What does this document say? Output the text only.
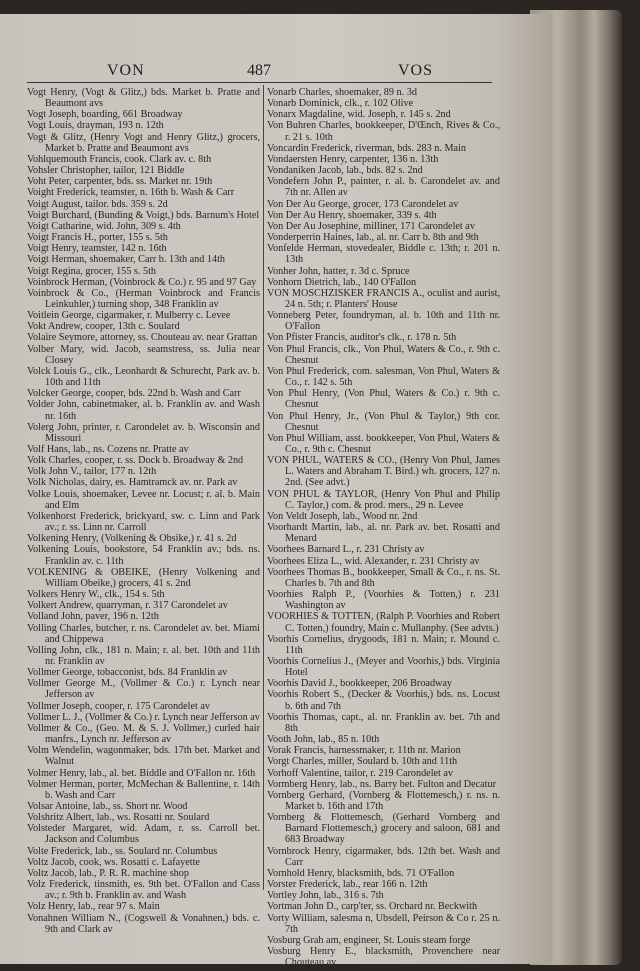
VON	487	VOS

Vogt Henry, (Vogt & Glitz,) bds. Market b. Pratte and Beaumont avs

Vogt Joseph, boarding, 661 Broadway

Vogt Louis, drayman, 193 n. 12th

Vogt & Glitz, (Henry Vogt and Henry Glitz,) grocers, Market b. Pratte and Beaumont avs

Vohlquemouth Francis, cook. Clark av. c. 8th

Vohsler Christopher, tailor, 121 Biddle

Voht Peter, carpenter, bds. ss. Market nr. 19th

Voight Frederick, teamster, n. 16th b. Wash & Carr

Voigt August, tailor. bds. 359 s. 2d

Voigt Burchard, (Bunding & Voigt,) bds. Barnum's Hotel

Voigt Catharine, wid. John, 309 s. 4th

Voigt Francis H., porter, 155 s. 5th

Voigt Henry, teamster, 142 n. 16th

Voigt Herman, shoemaker, Carr b. 13th and 14th

Voigt Regina, grocer, 155 s. 5th

Voinbrock Herman, (Voinbrock & Co.) r. 95 and 97 Gay

Voinbrock & Co., (Herman Voinbrock and Francis Leinkuhler,) turning shop, 348 Franklin av

Voitlein George, cigarmaker, r. Mulberry c. Levee

Vokt Andrew, cooper, 13th c. Soulard

Volaire Seymore, attorney, ss. Chouteau av. near Grattan

Volber Mary, wid. Jacob, seamstress, ss. Julia near Closey

Volck Louis G., clk., Leonhardt & Schurecht, Park av. b. 10th and 11th

Volcker George, cooper, bds. 22nd b. Wash and Carr

Volder John, cabinetmaker, al. b. Franklin av. and Wash nr. 16th

Volerg John, printer, r. Carondelet av. b. Wisconsin and Missouri

Volf Hans, lab., ns. Cozens nr. Pratte av

Volk Charles, cooper, r. ss. Dock b. Broadway & 2nd

Volk John V., tailor, 177 n. 12th

Volk Nicholas, dairy, es. Hamtramck av. nr. Park av

Volke Louis, shoemaker, Levee nr. Locust; r. al. b. Main and Elm

Volkenhorst Frederick, brickyard, sw. c. Linn and Park av.; r. ss. Linn nr. Carroll

Volkening Henry, (Volkening & Obsike,) r. 41 s. 2d

Volkening Louis, bookstore, 54 Franklin av.; bds. ns. Franklin av. c. 11th

VOLKENING & OBEIKE, (Henry Volkening and William Obeike,) grocers, 41 s. 2nd

Volkers Henry W., clk., 154 s. 5th

Volkert Andrew, quarryman, r. 317 Carondelet av

Volland John, paver, 196 n. 12th

Volling Charles, butcher, r. ns. Carondelet av. bet. Miami and Chippewa

Volling John, clk., 181 n. Main; r. al. bet. 10th and 11th nr. Franklin av

Vollmer George, tobacconist, bds. 84 Franklin av

Vollmer George M., (Vollmer & Co.) r. Lynch near Jefferson av

Vollmer Joseph, cooper, r. 175 Carondelet av

Vollmer L. J., (Vollmer & Co.) r. Lynch near Jefferson av

Vollmer & Co., (Geo. M. & S. J. Vollmer,) curled hair manfrs., Lynch nr. Jefferson av

Volm Wendelin, wagonmaker, bds. 17th bet. Market and Walnut

Volmer Henry, lab., al. bet. Biddle and O'Fallon nr. 16th

Volmer Herman, porter, McMechan & Ballentine, r. 14th b. Wash and Carr

Volsar Antoine, lab., ss. Short nr. Wood

Volshritz Albert, lab., ws. Rosatti nr. Soulard

Volsteder Margaret, wid. Adam, r. ss. Carroll bet. Jackson and Columbus

Volte Frederick, lab., ss. Soulard nr. Columbus

Voltz Jacob, cook, ws. Rosatti c. Lafayette

Voltz Jacob, lab., P. R. R. machine shop

Volz Frederick, tinsmith, es. 9th bet. O'Fallon and Cass av.; r. 9th b. Franklin av. and Wash

Volz Henry, lab., rear 97 s. Main

Vonahnen William N., (Cogswell & Vonahnen,) bds. c. 9th and Clark av

Vonarb Charles, shoemaker, 89 n. 3d

Vonarb Dominick, clk., r. 102 Olive

Vonarx Magdaline, wid. Joseph, r. 145 s. 2nd

Von Buhren Charles, bookkeeper, D'Œnch, Rives & Co., r. 21 s. 10th

Voncardin Frederick, riverman, bds. 283 n. Main

Vondaersten Henry, carpenter, 136 n. 13th

Vondaniken Jacob, lab., bds. 82 s. 2nd

Vondefern John P., painter, r. al. b. Carondelet av. and 7th nr. Allen av

Von Der Au George, grocer, 173 Carondelet av

Von Der Au Henry, shoemaker, 339 s. 4th

Von Der Au Josephine, milliner, 171 Carondelet av

Vonderperrin Haines, lab., al. nr. Carr b. 8th and 9th

Vonfelde Herman, stovedealer, Biddle c. 13th; r. 201 n. 13th

Vonher John, hatter, r. 3d c. Spruce

Vonhorn Dietrich, lab., 140 O'Fallon

VON MOSCHZISKER FRANCIS A., oculist and aurist, 24 n. 5th; r. Planters' House

Vonneberg Peter, foundryman, al. b. 10th and 11th nr. O'Fallon

Von Pfister Francis, auditor's clk., r. 178 n. 5th

Von Phul Francis, clk., Von Phul, Waters & Co., r. 9th c. Chesnut

Von Phul Frederick, com. salesman, Von Phul, Waters & Co., r. 142 s. 5th

Von Phul Henry, (Von Phul, Waters & Co.) r. 9th c. Chesnut

Von Phul Henry, Jr., (Von Phul & Taylor,) 9th cor. Chesnut

Von Phul William, asst. bookkeeper, Von Phul, Waters & Co., r. 9th c. Chesnut

VON PHUL, WATERS & CO., (Henry Von Phul, James L. Waters and Abraham T. Bird.) wh. grocers, 127 n. 2nd. (See advt.)

VON PHUL & TAYLOR, (Henry Von Phul and Philip C. Taylor,) com. & prod. mers., 29 n. Levee

Von Veldt Joseph, lab., Wood nr. 2nd

Voorhardt Martin, lab., al. nr. Park av. bet. Rosatti and Menard

Voorhees Barnard L., r. 231 Christy av

Voorhees Eliza L., wid. Alexander, r. 231 Christy av

Voorhees Thomas B., bookkeeper, Small & Co., r. ns. St. Charles b. 7th and 8th

Voorhies Ralph P., (Voorhies & Totten,) r. 231 Washington av

VOORHIES & TOTTEN, (Ralph P. Voorhies and Robert C. Totten,) foundry, Main c. Mullanphy. (See advts.)

Voorhis Cornelius, drygoods, 181 n. Main; r. Mound c. 11th

Voorhis Cornelius J., (Meyer and Voorhis,) bds. Virginia Hotel

Voorhis David J., bookkeeper, 206 Broadway

Voorhis Robert S., (Decker & Voorhis,) bds. ns. Locust b. 6th and 7th

Voorhis Thomas, capt., al. nr. Franklin av. bet. 7th and 8th

Vooth John, lab., 85 n. 10th

Vorak Francis, harnessmaker, r. 11th nr. Marion

Vorgt Charles, miller, Soulard b. 10th and 11th

Vorhoff Valentine, tailor, r. 219 Carondelet av

Vormberg Henry, lab., ns. Barry bet. Fulton and Decatur

Vornberg Gerhard, (Vornberg & Flottemesch,) r. ns. n. Market b. 16th and 17th

Vornberg & Flottemesch, (Gerhard Vornberg and Barnard Flottemesch,) grocery and saloon, 681 and 683 Broadway

Vornbrock Henry, cigarmaker, bds. 12th bet. Wash and Carr

Vornhold Henry, blacksmith, bds. 71 O'Fallon

Vorster Frederick, lab., rear 166 n. 12th

Vortley John, lab., 316 s. 7th

Vortman John D., carp'ter, ss. Orchard nr. Beckwith

Vorty William, salesma n, Ubsdell, Peirson & Co r. 25 n. 7th

Vosburg Grah am, engineer, St. Louis steam forge

Vosburg Henry E., blacksmith, Provenchere near Chouteau av
